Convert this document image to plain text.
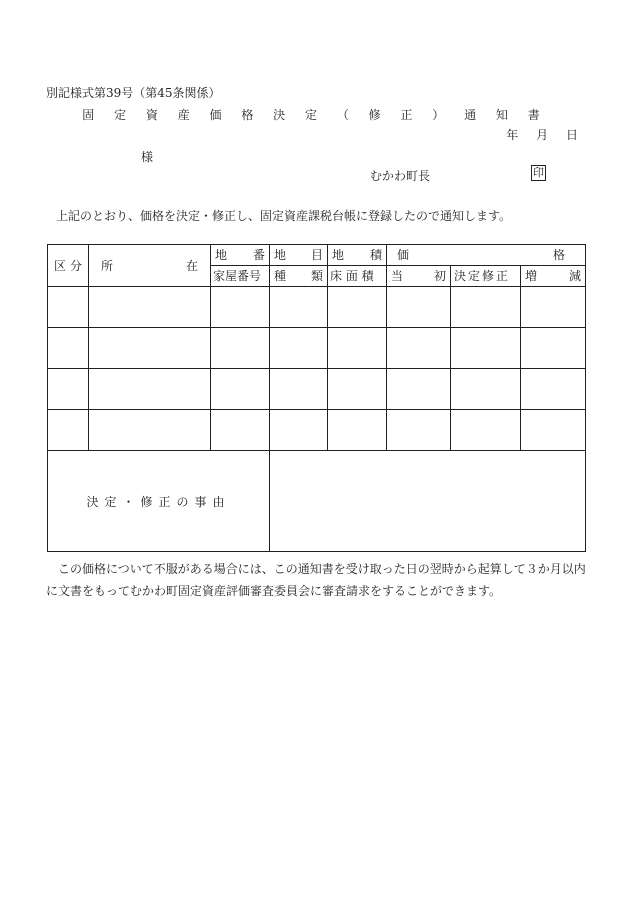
別記様式第39号（第45条関係）
固 定 資 産 価 格 決 定 （ 修 正 ） 通 知 書
年 月 日
様
むかわ町長	印
上記のとおり、価格を決定・修正し、固定資産課税台帳に登録したので通知します。
区 分	所 在	地 番	地 目	地 積	価 格		

		家屋番号	種 類	床 面 積	当 初	決定修正	増 減

決定・修正の事由							
この価格について不服がある場合には、この通知書を受け取った日の翌時から起算して３か月以内に文書をもってむかわ町固定資産評価審査委員会に審査請求をすることができます。
